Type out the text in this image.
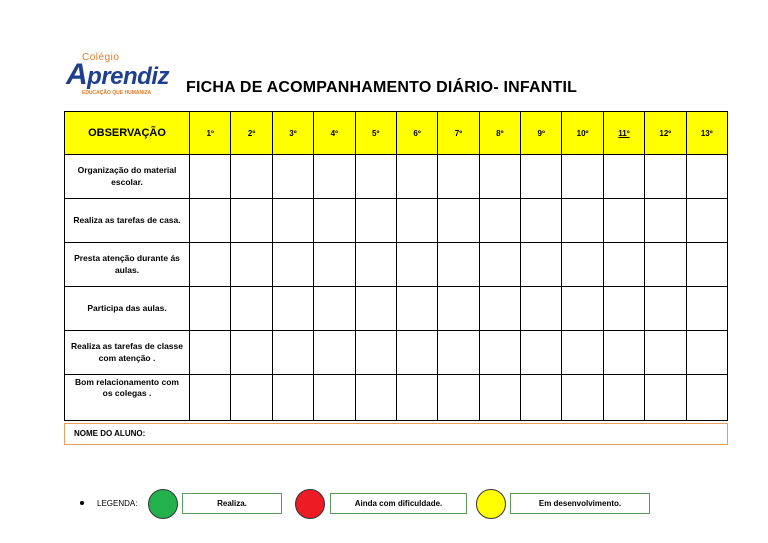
Colégio
Aprendiz
EDUCAÇÃO QUE HUMANIZA FICHA DE ACOMPANHAMENTO DIÁRIO- INFANTIL
OBSERVAÇÃO	1º	2º	3º	4º	5º	6º	7º	8º	9º	10º	11º	12º	13º
Organização do material escolar.													
Realiza as tarefas de casa.													
Presta atenção durante ás aulas.													
Participa das aulas.													
Realiza as tarefas de classe com atenção .													
Bom relacionamento com os colegas .													
NOME DO ALUNO:
LEGENDA:	Realiza.	Ainda com dificuldade.	Em desenvolvimento.
